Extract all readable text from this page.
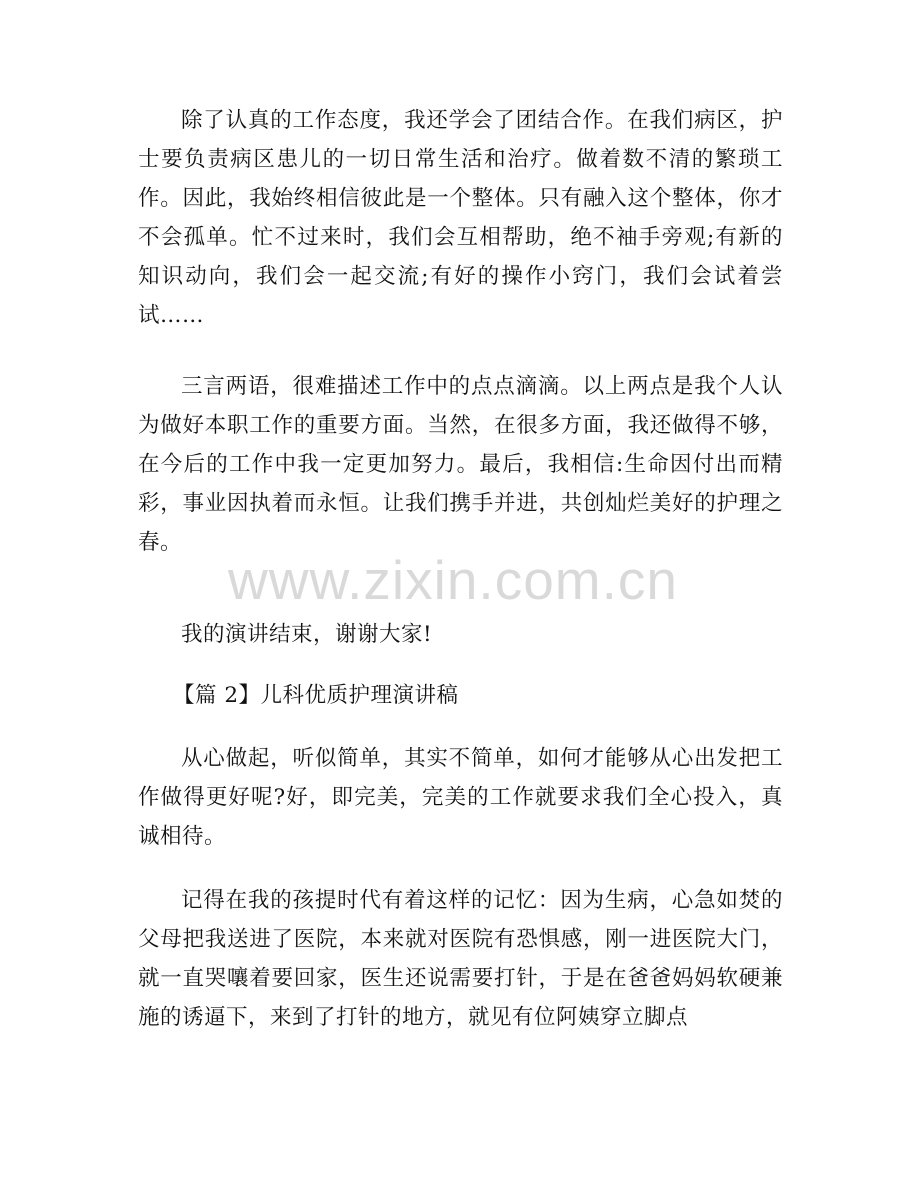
除了认真的工作态度，我还学会了团结合作。在我们病区，护士要负责病区患儿的一切日常生活和治疗。做着数不清的繁琐工作。因此，我始终相信彼此是一个整体。只有融入这个整体，你才不会孤单。忙不过来时，我们会互相帮助，绝不袖手旁观;有新的知识动向，我们会一起交流;有好的操作小窍门，我们会试着尝试……

三言两语，很难描述工作中的点点滴滴。以上两点是我个人认为做好本职工作的重要方面。当然，在很多方面，我还做得不够，在今后的工作中我一定更加努力。最后，我相信:生命因付出而精彩，事业因执着而永恒。让我们携手并进，共创灿烂美好的护理之春。

我的演讲结束，谢谢大家!

【篇 2】儿科优质护理演讲稿

从心做起，听似简单，其实不简单，如何才能够从心出发把工作做得更好呢?好，即完美，完美的工作就要求我们全心投入，真诚相待。

记得在我的孩提时代有着这样的记忆：因为生病，心急如焚的父母把我送进了医院，本来就对医院有恐惧感，刚一进医院大门，就一直哭嚷着要回家，医生还说需要打针，于是在爸爸妈妈软硬兼施的诱逼下，来到了打针的地方，就见有位阿姨穿立脚点

www.zixin.com.cn
